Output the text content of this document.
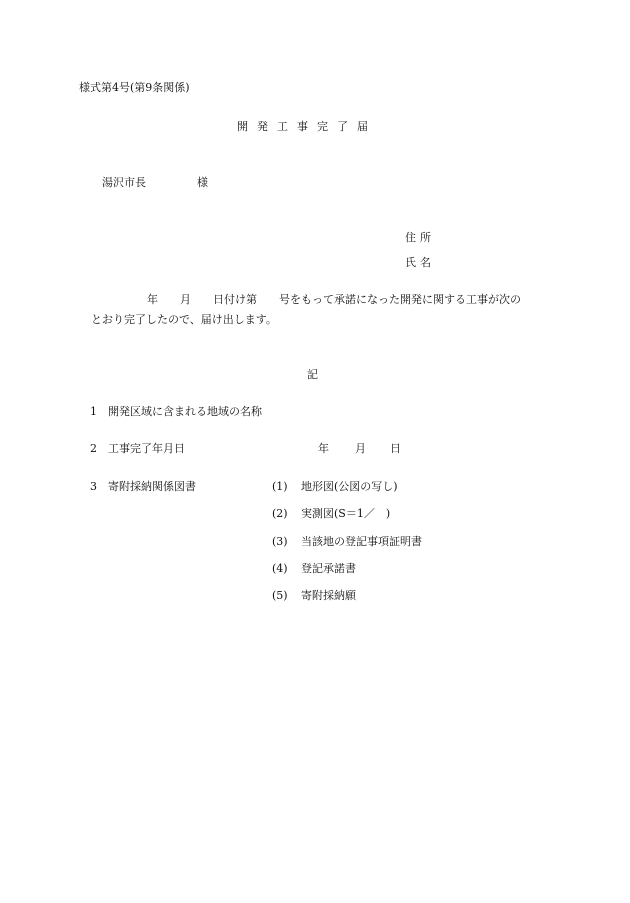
様式第4号(第9条関係)
開発工事完了届
湯沢市長	様
住所
氏名
年　　月　　日付け第　　号をもって承諾になった開発に関する工事が次の
とおり完了したので、届け出します。
記
1 開発区域に含まれる地域の名称
2 工事完了年月日	年 月 日
3 寄附採納関係図書	(1) 地形図(公図の写し)
(2) 実測図(S＝1／　)
(3) 当該地の登記事項証明書
(4) 登記承諾書
(5) 寄附採納願
